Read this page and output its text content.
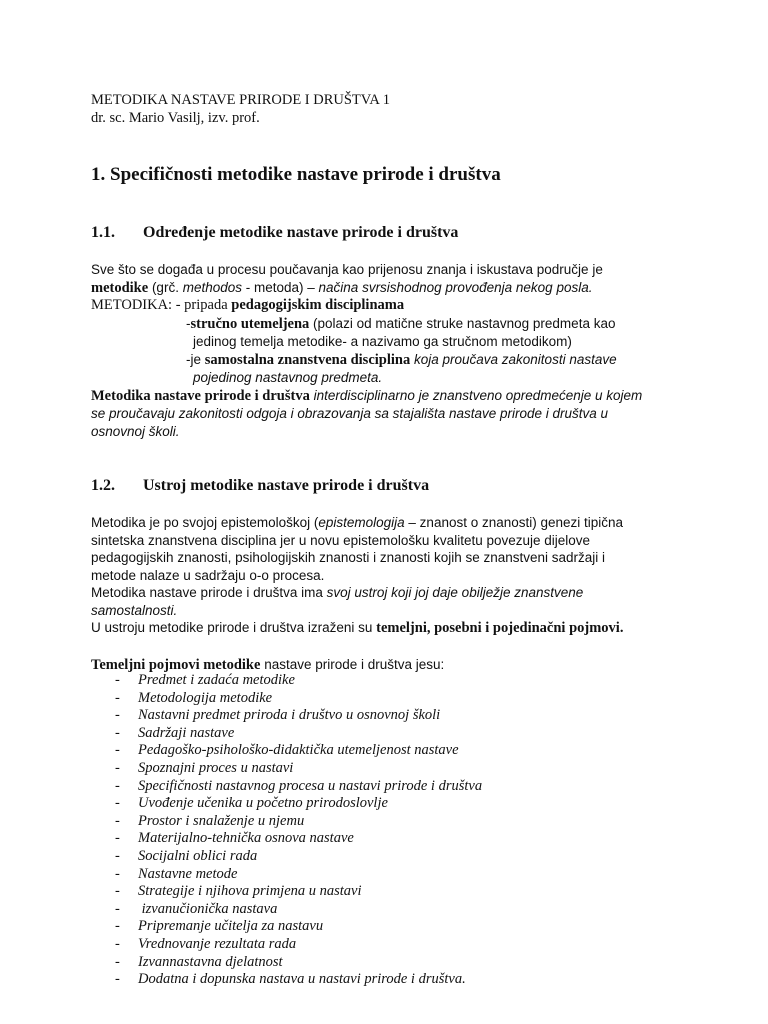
METODIKA NASTAVE PRIRODE I DRUŠTVA 1
dr. sc. Mario Vasilj, izv. prof.
1. Specifičnosti metodike nastave prirode i društva
1.1. Određenje metodike nastave prirode i društva
Sve što se događa u procesu poučavanja kao prijenosu znanja i iskustava područje je
metodike (grč. methodos - metoda) – načina svrsishodnog provođenja nekog posla.
METODIKA: - pripada pedagogijskim disciplinama
-stručno utemeljena (polazi od matične struke nastavnog predmeta kao
jedinog temelja metodike- a nazivamo ga stručnom metodikom)
-je samostalna znanstvena disciplina koja proučava zakonitosti nastave
pojedinog nastavnog predmeta.
Metodika nastave prirode i društva interdisciplinarno je znanstveno opredmećenje u kojem
se proučavaju zakonitosti odgoja i obrazovanja sa stajališta nastave prirode i društva u
osnovnoj školi.
1.2. Ustroj metodike nastave prirode i društva
Metodika je po svojoj epistemološkoj (epistemologija – znanost o znanosti) genezi tipična
sintetska znanstvena disciplina jer u novu epistemološku kvalitetu povezuje dijelove
pedagogijskih znanosti, psihologijskih znanosti i znanosti kojih se znanstveni sadržaji i
metode nalaze u sadržaju o-o procesa.
Metodika nastave prirode i društva ima svoj ustroj koji joj daje obilježje znanstvene
samostalnosti.
U ustroju metodike prirode i društva izraženi su temeljni, posebni i pojedinačni pojmovi.
Temeljni pojmovi metodike nastave prirode i društva jesu:
- Predmet i zadaća metodike
- Metodologija metodike
- Nastavni predmet priroda i društvo u osnovnoj školi
- Sadržaji nastave
- Pedagoško-psihološko-didaktička utemeljenost nastave
- Spoznajni proces u nastavi
- Specifičnosti nastavnog procesa u nastavi prirode i društva
- Uvođenje učenika u početno prirodoslovlje
- Prostor i snalaženje u njemu
- Materijalno-tehnička osnova nastave
- Socijalni oblici rada
- Nastavne metode
- Strategije i njihova primjena u nastavi
- izvanučionička nastava
- Pripremanje učitelja za nastavu
- Vrednovanje rezultata rada
- Izvannastavna djelatnost
- Dodatna i dopunska nastava u nastavi prirode i društva.
